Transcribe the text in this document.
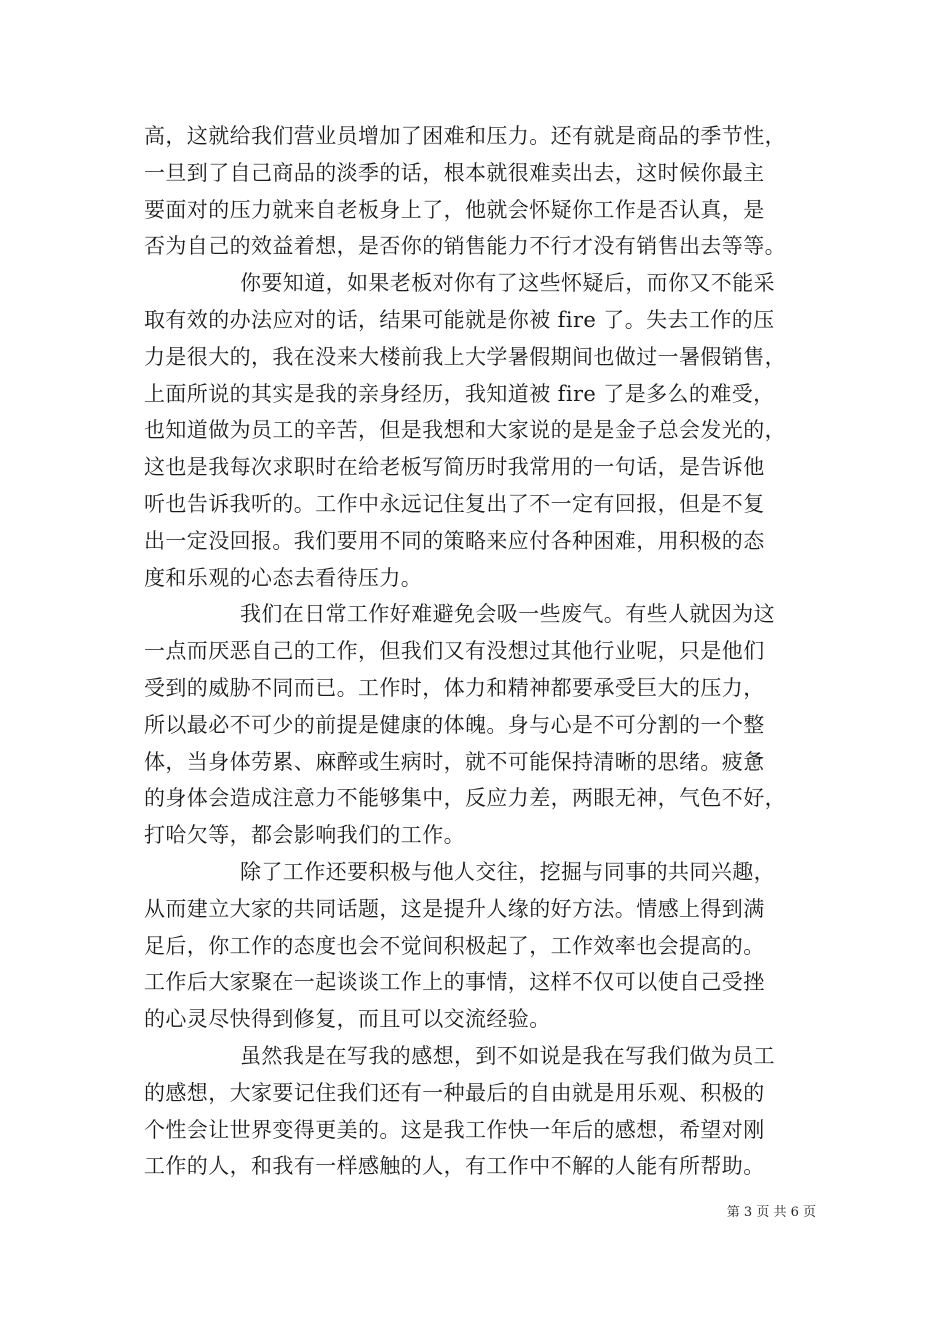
高，这就给我们营业员增加了困难和压力。还有就是商品的季节性，
一旦到了自己商品的淡季的话，根本就很难卖出去，这时候你最主
要面对的压力就来自老板身上了，他就会怀疑你工作是否认真，是
否为自己的效益着想，是否你的销售能力不行才没有销售出去等等。
你要知道，如果老板对你有了这些怀疑后，而你又不能采
取有效的办法应对的话，结果可能就是你被 fire 了。失去工作的压
力是很大的，我在没来大楼前我上大学暑假期间也做过一暑假销售，
上面所说的其实是我的亲身经历，我知道被 fire 了是多么的难受，
也知道做为员工的辛苦，但是我想和大家说的是是金子总会发光的，
这也是我每次求职时在给老板写简历时我常用的一句话，是告诉他
听也告诉我听的。工作中永远记住复出了不一定有回报，但是不复
出一定没回报。我们要用不同的策略来应付各种困难，用积极的态
度和乐观的心态去看待压力。
我们在日常工作好难避免会吸一些废气。有些人就因为这
一点而厌恶自己的工作，但我们又有没想过其他行业呢，只是他们
受到的威胁不同而已。工作时，体力和精神都要承受巨大的压力，
所以最必不可少的前提是健康的体魄。身与心是不可分割的一个整
体，当身体劳累、麻醉或生病时，就不可能保持清晰的思绪。疲惫
的身体会造成注意力不能够集中，反应力差，两眼无神，气色不好，
打哈欠等，都会影响我们的工作。
除了工作还要积极与他人交往，挖掘与同事的共同兴趣，
从而建立大家的共同话题，这是提升人缘的好方法。情感上得到满
足后，你工作的态度也会不觉间积极起了，工作效率也会提高的。
工作后大家聚在一起谈谈工作上的事情，这样不仅可以使自己受挫
的心灵尽快得到修复，而且可以交流经验。
虽然我是在写我的感想，到不如说是我在写我们做为员工
的感想，大家要记住我们还有一种最后的自由就是用乐观、积极的
个性会让世界变得更美的。这是我工作快一年后的感想，希望对刚
工作的人，和我有一样感触的人，有工作中不解的人能有所帮助。
第 3 页 共 6 页
